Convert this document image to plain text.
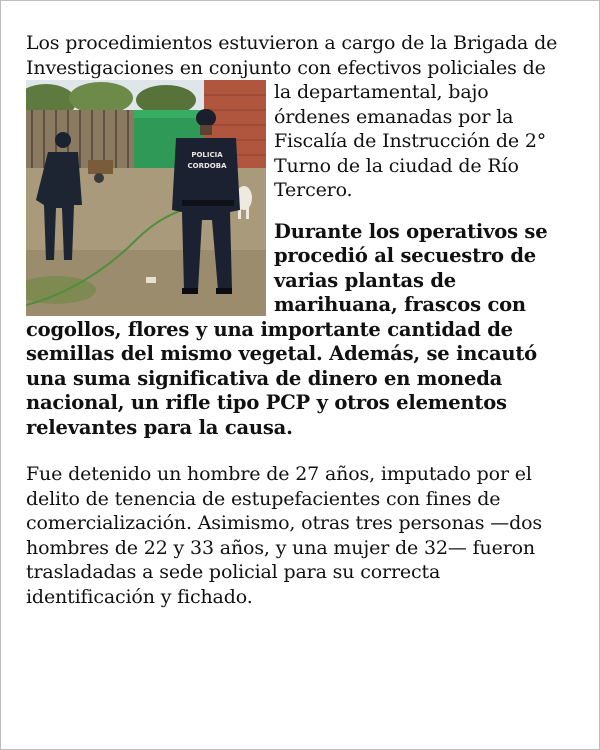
Los procedimientos estuvieron a cargo de la Brigada de Investigaciones en conjunto con efectivos policiales de

POLICIA
CORDOBA

la departamental, bajo órdenes emanadas por la Fiscalía de Instrucción de 2° Turno de la ciudad de Río Tercero.

Durante los operativos se procedió al secuestro de varias plantas de marihuana, frascos con cogollos, flores y una importante cantidad de semillas del mismo vegetal. Además, se incautó una suma significativa de dinero en moneda nacional, un rifle tipo PCP y otros elementos relevantes para la causa.

Fue detenido un hombre de 27 años, imputado por el delito de tenencia de estupefacientes con fines de comercialización. Asimismo, otras tres personas —dos hombres de 22 y 33 años, y una mujer de 32— fueron trasladadas a sede policial para su correcta identificación y fichado.
